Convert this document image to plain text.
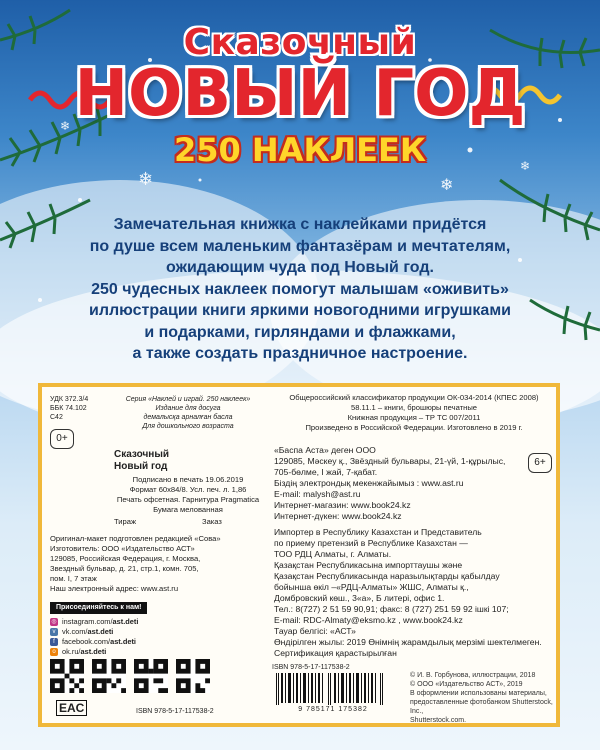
❄	❄
❄
❄
Сказочный
НОВЫЙ ГОД
250 НАКЛЕЕК

Замечательная книжка с наклейками придётся

по душе всем маленьким фантазёрам и мечтателям,

ожидающим чуда под Новый год.

250 чудесных наклеек помогут малышам «оживить»

иллюстрации книги яркими новогодними игрушками

и подарками, гирляндами и флажками,

а также создать праздничное настроение.

УДК 372.3/4
ББК 74.102
С42
0+
Серия «Наклей и играй. 250 наклеек»
Издание для досуга
демалысқа арналған басла
Для дошкольного возраста
Сказочный
Новый год
Подписано в печать 19.06.2019
Формат 60x84/8. Усл. печ. л. 1,86
Печать офсетная. Гарнитура Pragmatica
Бумага мелованная
Тираж	Заказ
Оригинал-макет подготовлен редакцией «Сова»
Изготовитель: ООО «Издательство АСТ»
129085, Российская Федерация, г. Москва,
Звездный бульвар, д. 21, стр.1, комн. 705,
пом. I, 7 этаж
Наш электронный адрес: www.ast.ru
Присоединяйтесь к нам!
◎ instagram.com/ ast.deti
v vk.com/ ast.deti
f facebook.com/ ast.deti
o ok.ru/ ast.deti
EAC	ISBN 978-5-17-117538-2
Общероссийский классификатор продукции ОК-034-2014 (КПЕС 2008)
58.11.1 – книги, брошюры печатные
Книжная продукция – ТР ТС 007/2011
Произведено в Российской Федерации. Изготовлено в 2019 г.
«Баспа Аста» деген ООО
129085, Мәскеу қ., Звёздный бульвары, 21-үй, 1-құрылыс,
705-бөлме, I жай, 7-қабат.
Біздің электрондық мекенжайымыз : www.ast.ru
E-mail: malysh@ast.ru
Интернет-магазин: www.book24.kz
Интернет-дүкен: www.book24.kz
6+
Импортер в Республику Казахстан и Представитель
по приему претензий в Республике Казахстан —
ТОО РДЦ Алматы, г. Алматы.
Қазақстан Республикасына импорттаушы және
Қазақстан Республикасында наразылықтарды қабылдау
бойынша өкіл –«РДЦ-Алматы» ЖШС, Алматы қ.,
Домбровский көш., 3«а», Б литері, офис 1.
Тел.: 8(727) 2 51 59 90,91; факс: 8 (727) 251 59 92 ішкі 107;
E-mail: RDC-Almaty@eksmo.kz , www.book24.kz
Тауар белгісі: «АСТ»
Өндірілген жылы: 2019 Өнімнің жарамдылық мерзімі шектелмеген.
Сертификация қарастырылған
ISBN 978-5-17-117538-2
9 785171 175382
© И. В. Горбунова, иллюстрации, 2018
© ООО «Издательство АСТ», 2019
В оформлении использованы материалы,
предоставленные фотобанком Shutterstock, Inc.,
Shutterstock.com.
